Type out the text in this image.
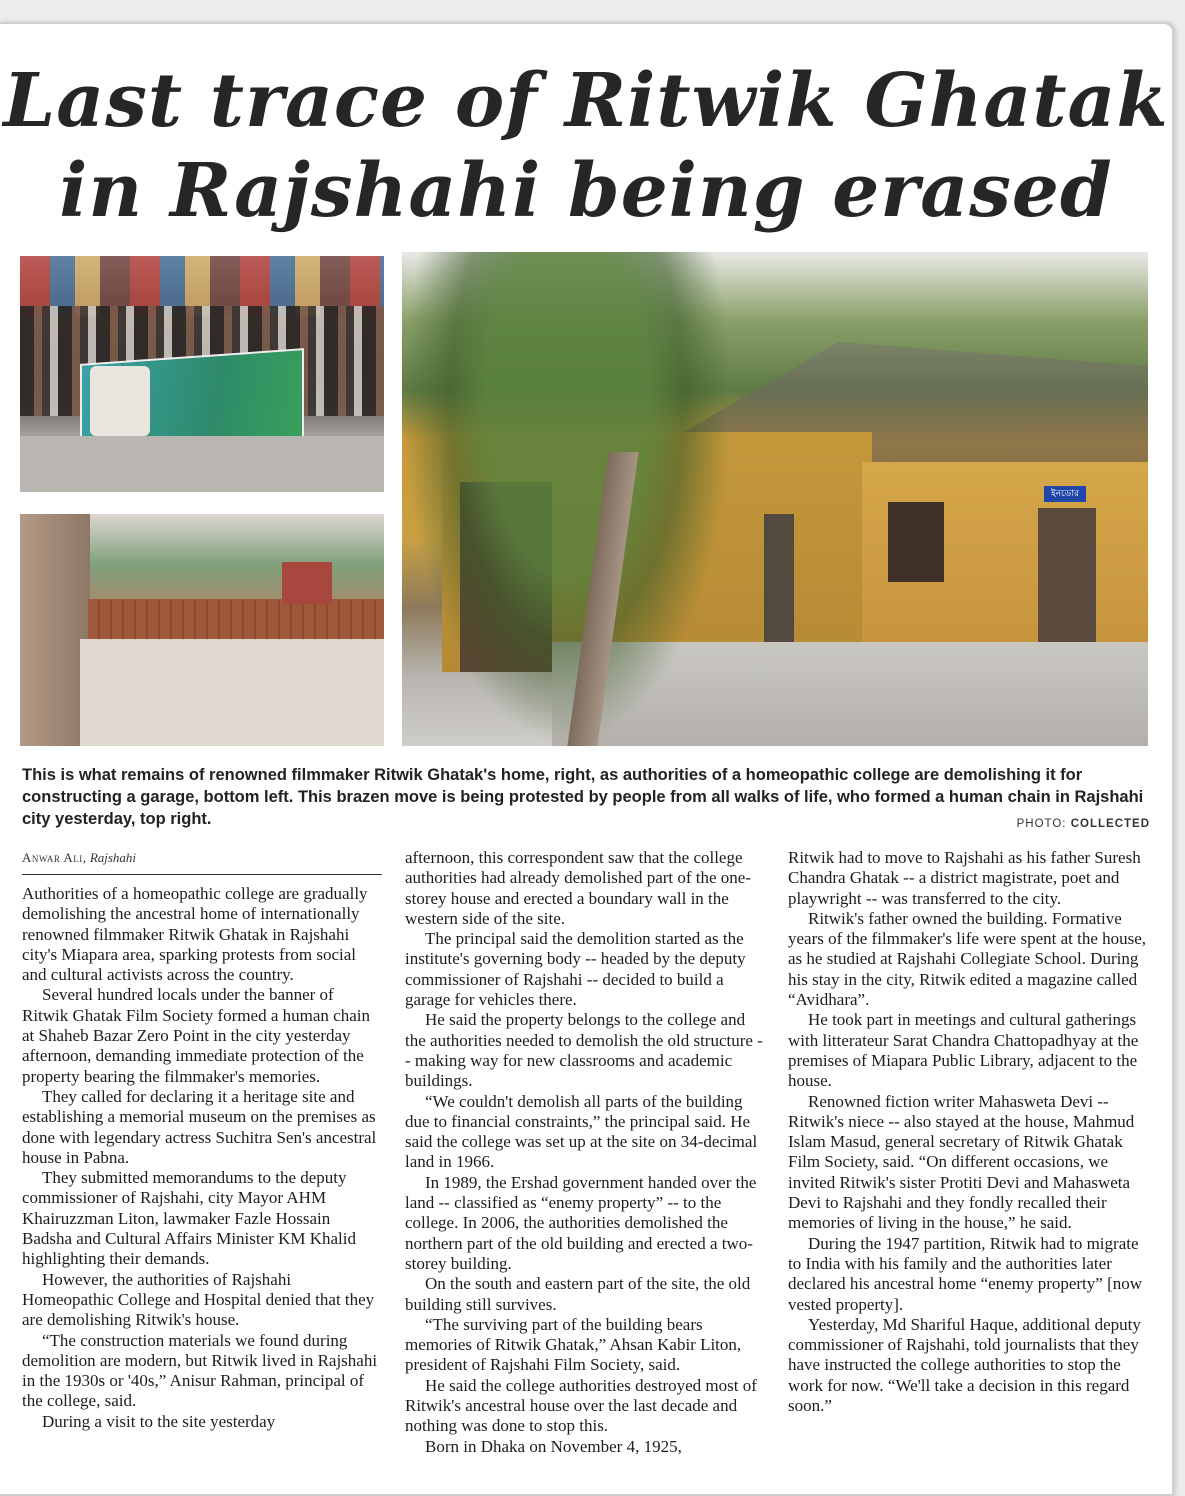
Last trace of Ritwik Ghatak
in Rajshahi being erased
ইনডোর

This is what remains of renowned filmmaker Ritwik Ghatak's home, right, as authorities of a homeopathic college are demolishing it for constructing a garage, bottom left. This brazen move is being protested by people from all walks of life, who formed a human chain in Rajshahi city yesterday, top right.	PHOTO: COLLECTED
Anwar Ali, Rajshahi

Authorities of a homeopathic college are gradually demolishing the ancestral home of internationally renowned filmmaker Ritwik Ghatak in Rajshahi city's Miapara area, sparking protests from social and cultural activists across the country.

Several hundred locals under the banner of Ritwik Ghatak Film Society formed a human chain at Shaheb Bazar Zero Point in the city yesterday afternoon, demanding immediate protection of the property bearing the filmmaker's memories.

They called for declaring it a heritage site and establishing a memorial museum on the premises as done with legendary actress Suchitra Sen's ancestral house in Pabna.

They submitted memorandums to the deputy commissioner of Rajshahi, city Mayor AHM Khairuzzman Liton, lawmaker Fazle Hossain Badsha and Cultural Affairs Minister KM Khalid highlighting their demands.

However, the authorities of Rajshahi Homeopathic College and Hospital denied that they are demolishing Ritwik's house.

“The construction materials we found during demolition are modern, but Ritwik lived in Rajshahi in the 1930s or '40s,” Anisur Rahman, principal of the college, said.

During a visit to the site yesterday

afternoon, this correspondent saw that the college authorities had already demolished part of the one-storey house and erected a boundary wall in the western side of the site.

The principal said the demolition started as the institute's governing body -- headed by the deputy commissioner of Rajshahi -- decided to build a garage for vehicles there.

He said the property belongs to the college and the authorities needed to demolish the old structure -- making way for new classrooms and academic buildings.

“We couldn't demolish all parts of the building due to financial constraints,” the principal said. He said the college was set up at the site on 34-decimal land in 1966.

In 1989, the Ershad government handed over the land -- classified as “enemy property” -- to the college. In 2006, the authorities demolished the northern part of the old building and erected a two-storey building.

On the south and eastern part of the site, the old building still survives.

“The surviving part of the building bears memories of Ritwik Ghatak,” Ahsan Kabir Liton, president of Rajshahi Film Society, said.

He said the college authorities destroyed most of Ritwik's ancestral house over the last decade and nothing was done to stop this.

Born in Dhaka on November 4, 1925,

Ritwik had to move to Rajshahi as his father Suresh Chandra Ghatak -- a district magistrate, poet and playwright -- was transferred to the city.

Ritwik's father owned the building. Formative years of the filmmaker's life were spent at the house, as he studied at Rajshahi Collegiate School. During his stay in the city, Ritwik edited a magazine called “Avidhara”.

He took part in meetings and cultural gatherings with litterateur Sarat Chandra Chattopadhyay at the premises of Miapara Public Library, adjacent to the house.

Renowned fiction writer Mahasweta Devi -- Ritwik's niece -- also stayed at the house, Mahmud Islam Masud, general secretary of Ritwik Ghatak Film Society, said. “On different occasions, we invited Ritwik's sister Protiti Devi and Mahasweta Devi to Rajshahi and they fondly recalled their memories of living in the house,” he said.

During the 1947 partition, Ritwik had to migrate to India with his family and the authorities later declared his ancestral home “enemy property” [now vested property].

Yesterday, Md Shariful Haque, additional deputy commissioner of Rajshahi, told journalists that they have instructed the college authorities to stop the work for now. “We'll take a decision in this regard soon.”
